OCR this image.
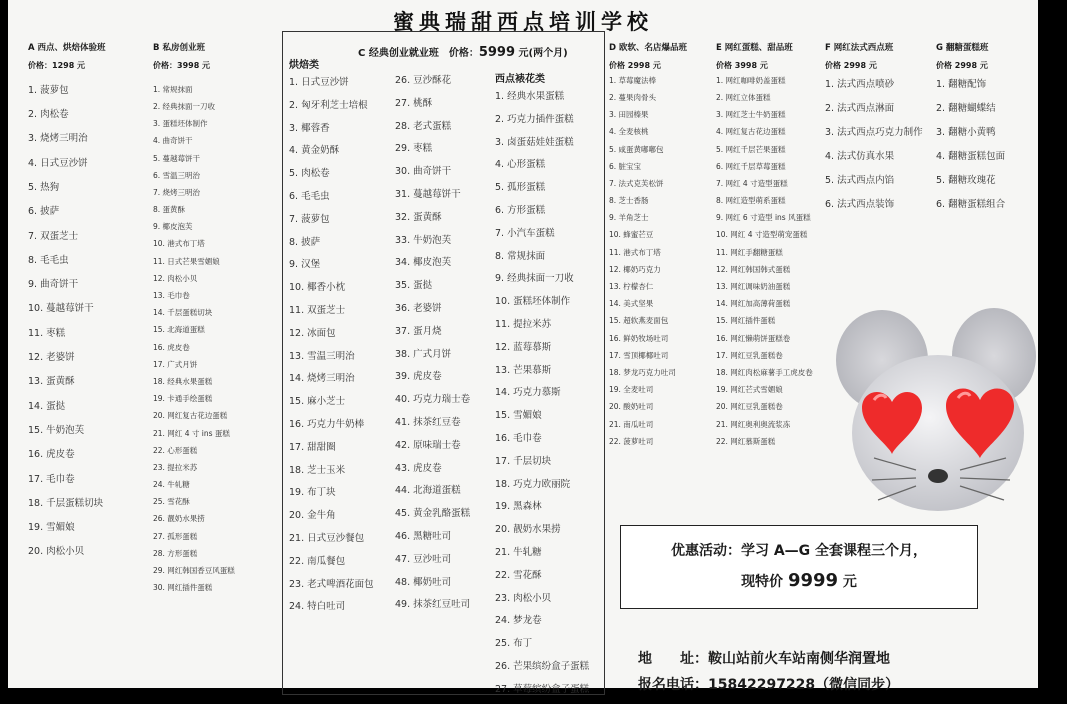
蜜典瑞甜西点培训学校
A 西点、烘焙体验班
价格：1298 元
1. 菠萝包
2. 肉松卷
3. 烧烤三明治
4. 日式豆沙饼
5. 热狗
6. 披萨
7. 双蛋芝士
8. 毛毛虫
9. 曲奇饼干
10. 蔓越莓饼干
11. 枣糕
12. 老婆饼
13. 蛋黄酥
14. 蛋挞
15. 牛奶泡芙
16. 虎皮卷
17. 毛巾卷
18. 千层蛋糕切块
19. 雪媚娘
20. 肉松小贝
B 私房创业班
价格：3998 元
1. 常规抹面
2. 经典抹面一刀收
3. 蛋糕坯体制作
4. 曲奇饼干
5. 蔓越莓饼干
6. 雪温三明治
7. 烧烤三明治
8. 蛋黄酥
9. 椰皮泡芙
10. 港式布丁塔
11. 日式芒果雪媚娘
12. 肉松小贝
13. 毛巾卷
14. 千层蛋糕切块
15. 北海道蛋糕
16. 虎皮卷
17. 广式月饼
18. 经典水果蛋糕
19. 卡通手绘蛋糕
20. 网红复古花边蛋糕
21. 网红 4 寸 ins 蛋糕
22. 心形蛋糕
23. 提拉米苏
24. 牛轧糖
25. 雪花酥
26. 靓奶水果捞
27. 孤形蛋糕
28. 方形蛋糕
29. 网红韩国香豆风蛋糕
30. 网红插件蛋糕
C 经典创业就业班　价格：5999 元(两个月)
烘焙类
1. 日式豆沙饼
2. 匈牙利芝士培根
3. 椰蓉香
4. 黄金奶酥
5. 肉松卷
6. 毛毛虫
7. 菠萝包
8. 披萨
9. 汉堡
10. 椰香小枕
11. 双蛋芝士
12. 冰面包
13. 雪温三明治
14. 烧烤三明治
15. 麻小芝士
16. 巧克力牛奶棒
17. 甜甜圈
18. 芝士玉米
19. 布丁块
20. 金牛角
21. 日式豆沙餐包
22. 南瓜餐包
23. 老式啤酒花面包
24. 特白吐司
26. 豆沙酥花
27. 桃酥
28. 老式蛋糕
29. 枣糕
30. 曲奇饼干
31. 蔓越莓饼干
32. 蛋黄酥
33. 牛奶泡芙
34. 椰皮泡芙
35. 蛋挞
36. 老婆饼
37. 蛋月烧
38. 广式月饼
39. 虎皮卷
40. 巧克力瑞士卷
41. 抹茶红豆卷
42. 原味瑞士卷
43. 虎皮卷
44. 北海道蛋糕
45. 黄金乳酪蛋糕
46. 黑糖吐司
47. 豆沙吐司
48. 椰奶吐司
49. 抹茶红豆吐司
西点裱花类
1. 经典水果蛋糕
2. 巧克力插件蛋糕
3. 卤蛋菇娃娃蛋糕
4. 心形蛋糕
5. 孤形蛋糕
6. 方形蛋糕
7. 小汽车蛋糕
8. 常规抹面
9. 经典抹面一刀收
10. 蛋糕坯体制作
11. 提拉米苏
12. 蓝莓慕斯
13. 芒果慕斯
14. 巧克力慕斯
15. 雪媚娘
16. 毛巾卷
17. 千层切块
18. 巧克力欧丽院
19. 黑森林
20. 靓奶水果捞
21. 牛轧糖
22. 雪花酥
23. 肉松小贝
24. 梦龙卷
25. 布丁
26. 芒果缤纷盒子蛋糕
27. 草莓缤纷盒子蛋糕
D 欧软、名店爆品班
价格 2998 元
1. 草莓魔法棒
2. 蔓果肉骨头
3. 田园榛果
4. 全麦核桃
5. 咸蛋黄嘟嘟包
6. 脏宝宝
7. 法式克芙松饼
8. 芝士香肠
9. 羊角芝士
10. 蜂蜜芒豆
11. 港式布丁塔
12. 椰奶巧克力
13. 柠檬杏仁
14. 美式坚果
15. 超软燕麦面包
16. 鲜奶牧场吐司
17. 雪顶椰椰吐司
18. 梦龙巧克力吐司
19. 全麦吐司
20. 酸奶吐司
21. 南瓜吐司
22. 菠萝吐司
E 网红蛋糕、甜品班
价格 3998 元
1. 网红咖啡奶盖蛋糕
2. 网红立体蛋糕
3. 网红芝士牛奶蛋糕
4. 网红复古花边蛋糕
5. 网红千层芒果蛋糕
6. 网红千层草莓蛋糕
7. 网红 4 寸造型蛋糕
8. 网红造型萌系蛋糕
9. 网红 6 寸造型 ins 风蛋糕
10. 网红 4 寸造型萌宠蛋糕
11. 网红手翻糖蛋糕
12. 网红韩国韩式蛋糕
13. 网红调味奶油蛋糕
14. 网红加高薄荷蛋糕
15. 网红插件蛋糕
16. 网红懒萌饼蛋糕卷
17. 网红豆乳蛋糕卷
18. 网红肉松麻薯手工虎皮卷
19. 网红芒式雪媚娘
20. 网红豆乳蛋糕卷
21. 网红奥利奥流浆冻
22. 网红慕斯蛋糕
F 网红法式西点班
价格 2998 元
1. 法式西点喷砂
2. 法式西点淋面
3. 法式西点巧克力制作
4. 法式仿真水果
5. 法式西点内馅
6. 法式西点装饰
G 翻糖蛋糕班
价格 2998 元
1. 翻糖配饰
2. 翻糖蝴蝶结
3. 翻糖小黄鸭
4. 翻糖蛋糕包面
5. 翻糖玫瑰花
6. 翻糖蛋糕组合
优惠活动：学习 A—G 全套课程三个月，
现特价 9999 元
地　　址：鞍山站前火车站南侧华润置地
报名电话：15842297228（微信同步）
